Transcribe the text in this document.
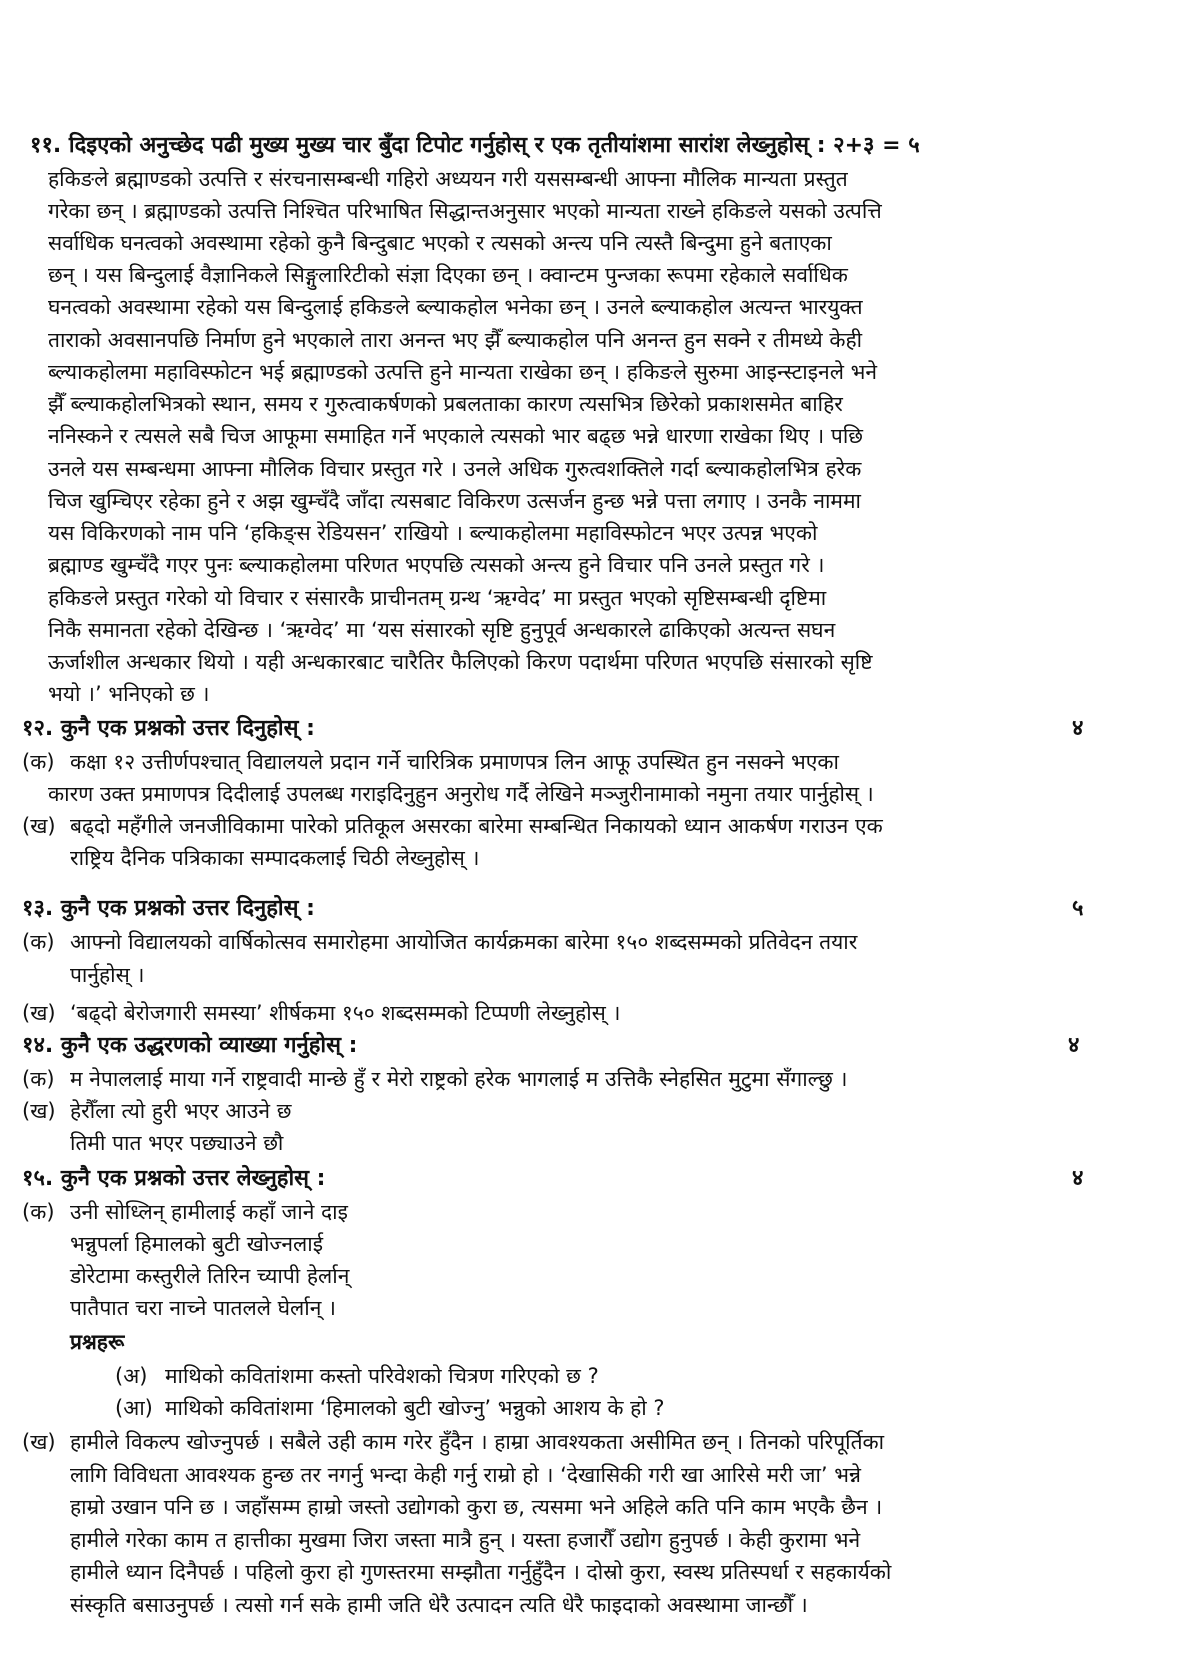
११. दिइएको अनुच्छेद पढी मुख्य मुख्य चार बुँदा टिपोट गर्नुहोस् र एक तृतीयांशमा सारांश लेख्नुहोस् : २+३ = ५
हकिङले ब्रह्माण्डको उत्पत्ति र संरचनासम्बन्धी गहिरो अध्ययन गरी यससम्बन्धी आफ्ना मौलिक मान्यता प्रस्तुत
गरेका छन् । ब्रह्माण्डको उत्पत्ति निश्चित परिभाषित सिद्धान्तअनुसार भएको मान्यता राख्ने हकिङले यसको उत्पत्ति
सर्वाधिक घनत्वको अवस्थामा रहेको कुनै बिन्दुबाट भएको र त्यसको अन्त्य पनि त्यस्तै बिन्दुमा हुने बताएका
छन् । यस बिन्दुलाई वैज्ञानिकले सिङ्गुलारिटीको संज्ञा दिएका छन् । क्वान्टम पुन्जका रूपमा रहेकाले सर्वाधिक
घनत्वको अवस्थामा रहेको यस बिन्दुलाई हकिङले ब्ल्याकहोल भनेका छन् । उनले ब्ल्याकहोल अत्यन्त भारयुक्त
ताराको अवसानपछि निर्माण हुने भएकाले तारा अनन्त भए झैँ ब्ल्याकहोल पनि अनन्त हुन सक्ने र तीमध्ये केही
ब्ल्याकहोलमा महाविस्फोटन भई ब्रह्माण्डको उत्पत्ति हुने मान्यता राखेका छन् । हकिङले सुरुमा आइन्स्टाइनले भने
झैँ ब्ल्याकहोलभित्रको स्थान, समय र गुरुत्वाकर्षणको प्रबलताका कारण त्यसभित्र छिरेको प्रकाशसमेत बाहिर
ननिस्कने र त्यसले सबै चिज आफूमा समाहित गर्ने भएकाले त्यसको भार बढ्छ भन्ने धारणा राखेका थिए । पछि
उनले यस सम्बन्धमा आफ्ना मौलिक विचार प्रस्तुत गरे । उनले अधिक गुरुत्वशक्तिले गर्दा ब्ल्याकहोलभित्र हरेक
चिज खुम्चिएर रहेका हुने र अझ खुम्चँदै जाँदा त्यसबाट विकिरण उत्सर्जन हुन्छ भन्ने पत्ता लगाए । उनकै नाममा
यस विकिरणको नाम पनि ‘हकिङ्स रेडियसन’ राखियो । ब्ल्याकहोलमा महाविस्फोटन भएर उत्पन्न भएको
ब्रह्माण्ड खुम्चँदै गएर पुनः ब्ल्याकहोलमा परिणत भएपछि त्यसको अन्त्य हुने विचार पनि उनले प्रस्तुत गरे ।
हकिङले प्रस्तुत गरेको यो विचार र संसारकै प्राचीनतम् ग्रन्थ ‘ऋग्वेद’ मा प्रस्तुत भएको सृष्टिसम्बन्धी दृष्टिमा
निकै समानता रहेको देखिन्छ । ‘ऋग्वेद’ मा ‘यस संसारको सृष्टि हुनुपूर्व अन्धकारले ढाकिएको अत्यन्त सघन
ऊर्जाशील अन्धकार थियो । यही अन्धकारबाट चारैतिर फैलिएको किरण पदार्थमा परिणत भएपछि संसारको सृष्टि
भयो ।’ भनिएको छ ।
१२. कुनै एक प्रश्नको उत्तर दिनुहोस् :	४
(क) कक्षा १२ उत्तीर्णपश्चात् विद्यालयले प्रदान गर्ने चारित्रिक प्रमाणपत्र लिन आफू उपस्थित हुन नसक्ने भएका
कारण उक्त प्रमाणपत्र दिदीलाई उपलब्ध गराइदिनुहुन अनुरोध गर्दै लेखिने मञ्जुरीनामाको नमुना तयार पार्नुहोस् ।
(ख) बढ्दो महँगीले जनजीविकामा पारेको प्रतिकूल असरका बारेमा सम्बन्धित निकायको ध्यान आकर्षण गराउन एक
राष्ट्रिय दैनिक पत्रिकाका सम्पादकलाई चिठी लेख्नुहोस् ।
१३. कुनै एक प्रश्नको उत्तर दिनुहोस् :	५
(क) आफ्नो विद्यालयको वार्षिकोत्सव समारोहमा आयोजित कार्यक्रमका बारेमा १५० शब्दसम्मको प्रतिवेदन तयार
पार्नुहोस् ।
(ख) ‘बढ्दो बेरोजगारी समस्या’ शीर्षकमा १५० शब्दसम्मको टिप्पणी लेख्नुहोस् ।
१४. कुनै एक उद्धरणको व्याख्या गर्नुहोस् :	४
(क) म नेपाललाई माया गर्ने राष्ट्रवादी मान्छे हुँ र मेरो राष्ट्रको हरेक भागलाई म उत्तिकै स्नेहसित मुटुमा सँगाल्छु ।
(ख) हेरौँला त्यो हुरी भएर आउने छ
तिमी पात भएर पछ्याउने छौ
१५. कुनै एक प्रश्नको उत्तर लेख्नुहोस् :	४
(क) उनी सोध्लिन् हामीलाई कहाँ जाने दाइ
भन्नुपर्ला हिमालको बुटी खोज्नलाई
डोरेटामा कस्तुरीले तिरिन च्यापी हेर्लान्
पातैपात चरा नाच्ने पातलले घेर्लान् ।
प्रश्नहरू
(अ) माथिको कवितांशमा कस्तो परिवेशको चित्रण गरिएको छ ?
(आ) माथिको कवितांशमा ‘हिमालको बुटी खोज्नु’ भन्नुको आशय के हो ?
(ख) हामीले विकल्प खोज्नुपर्छ । सबैले उही काम गरेर हुँदैन । हाम्रा आवश्यकता असीमित छन् । तिनको परिपूर्तिका
लागि विविधता आवश्यक हुन्छ तर नगर्नु भन्दा केही गर्नु राम्रो हो । ‘देखासिकी गरी खा आरिसे मरी जा’ भन्ने
हाम्रो उखान पनि छ । जहाँसम्म हाम्रो जस्तो उद्योगको कुरा छ, त्यसमा भने अहिले कति पनि काम भएकै छैन ।
हामीले गरेका काम त हात्तीका मुखमा जिरा जस्ता मात्रै हुन् । यस्ता हजारौँ उद्योग हुनुपर्छ । केही कुरामा भने
हामीले ध्यान दिनैपर्छ । पहिलो कुरा हो गुणस्तरमा सम्झौता गर्नुहुँदैन । दोस्रो कुरा, स्वस्थ प्रतिस्पर्धा र सहकार्यको
संस्कृति बसाउनुपर्छ । त्यसो गर्न सके हामी जति धेरै उत्पादन त्यति धेरै फाइदाको अवस्थामा जान्छौँ ।
